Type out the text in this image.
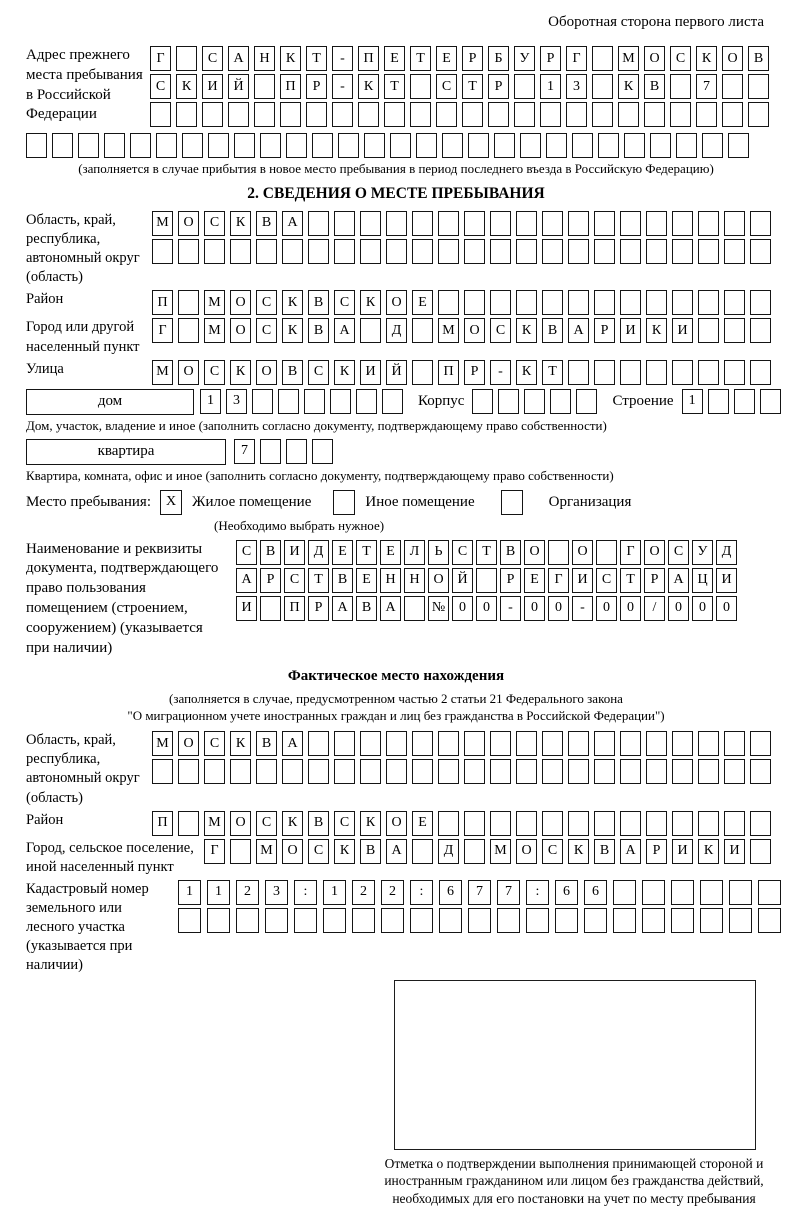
Оборотная сторона первого листа
Адрес прежнего места пребывания в Российской Федерации
Г	С	А	Н	К	Т	-	П	Е	Т	Е	Р	Б	У	Р	Г	М	О	С	К	О	В
С	К	И	Й	П	Р	-	К	Т	С	Т	Р	1	3	К	В	7
(заполняется в случае прибытия в новое место пребывания в период последнего въезда в Российскую Федерацию)
2. СВЕДЕНИЯ О МЕСТЕ ПРЕБЫВАНИЯ
Область, край, республика, автономный округ (область)
М	О	С	К	В	А
Район	П	М	О	С	К	В	С	К	О	Е
Город или другой населенный пункт
Г	М	О	С	К	В	А	Д	М	О	С	К	В	А	Р	И	К	И
Улица	М	О	С	К	О	В	С	К	И	Й	П	Р	-	К	Т
дом	1	3	Корпус	Строение	1
Дом, участок, владение и иное (заполнить согласно документу, подтверждающему право собственности)
квартира	7
Квартира, комната, офис и иное (заполнить согласно документу, подтверждающему право собственности)
Место пребывания:	X	Жилое помещение	Иное помещение	Организация
(Необходимо выбрать нужное)
Наименование и реквизиты документа, подтверждающего право пользования помещением (строением, сооружением) (указывается при наличии)
С	В	И	Д	Е	Т	Е	Л	Ь	С	Т	В	О	О	Г	О	С	У	Д
А	Р	С	Т	В	Е	Н Н О Й	Р	Е	Г	И	С	Т	Р	А Ц И
И	П	Р	А	В	А	№ 0	0	-	0	0	-	0	0	/	0	0	0
Фактическое место нахождения
(заполняется в случае, предусмотренном частью 2 статьи 21 Федерального закона
"О миграционном учете иностранных граждан и лиц без гражданства в Российской Федерации")
Область, край, республика, автономный округ (область)
М	О	С	К	В	А
Район	П	М	О	С	К	В	С	К	О	Е
Город, сельское поселение, иной населенный пункт
Г	М	О	С	К	В	А	Д	М	О	С	К	В	А	Р	И	К	И
Кадастровый номер земельного или лесного участка (указывается при наличии)
1	1	2	3	:	1	2	2	:	6	7	7	:	6	6
Отметка о подтверждении выполнения принимающей стороной и иностранным гражданином или лицом без гражданства действий, необходимых для его постановки на учет по месту пребывания
